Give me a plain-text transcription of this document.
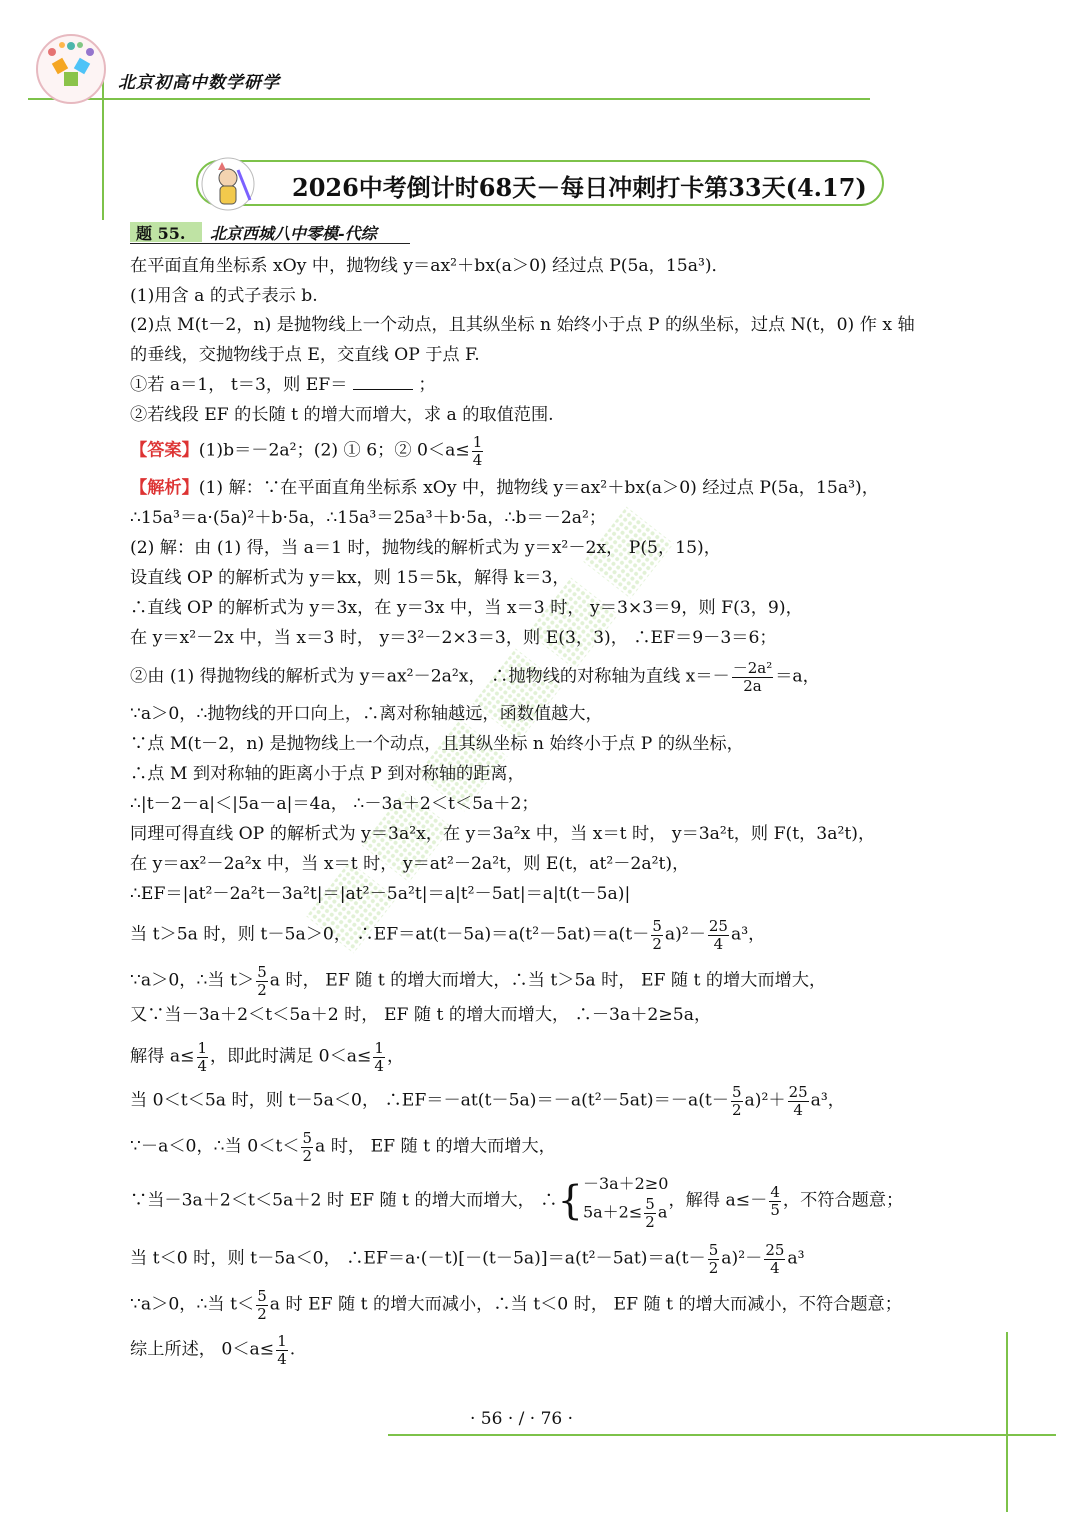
北京初高中数学研学
2026中考倒计时68天－每日冲刺打卡第33天(4.17)
题 55. 北京西城八中零模-代综
在平面直角坐标系 xOy 中，抛物线 y＝ax²＋bx(a＞0) 经过点 P(5a，15a³)．
(1)用含 a 的式子表示 b.
(2)点 M(t－2，n) 是抛物线上一个动点，且其纵坐标 n 始终小于点 P 的纵坐标，过点 N(t，0) 作 x 轴
的垂线，交抛物线于点 E，交直线 OP 于点 F.
①若 a＝1， t＝3，则 EF＝	；
②若线段 EF 的长随 t 的增大而增大，求 a 的取值范围.
【答案】(1)b＝－2a²；(2) ① 6；② $0<a\le \frac{1}{4}$
【解析】(1) 解：∵在平面直角坐标系 xOy 中，抛物线 y＝ax²＋bx(a＞0) 经过点 P(5a，15a³)，
∴15a³＝a·(5a)²＋b·5a，∴15a³＝25a³＋b·5a，∴b＝－2a²；
(2) 解：由 (1) 得，当 a＝1 时，抛物线的解析式为 y＝x²－2x， P(5，15)，
设直线 OP 的解析式为 y＝kx，则 15＝5k，解得 k＝3，
∴直线 OP 的解析式为 y＝3x，在 y＝3x 中，当 x＝3 时， y＝3×3＝9，则 F(3，9)，
在 y＝x²－2x 中，当 x＝3 时， y＝3²－2×3＝3，则 E(3，3)， ∴EF＝9－3＝6；
②由 (1) 得抛物线的解析式为 y＝ax²－2a²x， ∴抛物线的对称轴为直线 $x=- \frac{\text{－2a²}}{2a} =a$，
∵a＞0，∴抛物线的开口向上，∴离对称轴越远，函数值越大，
∵点 M(t－2，n) 是抛物线上一个动点，且其纵坐标 n 始终小于点 P 的纵坐标，
∴点 M 到对称轴的距离小于点 P 到对称轴的距离，
∴|t－2－a|＜|5a－a|＝4a， ∴－3a＋2＜t＜5a＋2；
同理可得直线 OP 的解析式为 y＝3a²x，在 y＝3a²x 中，当 x＝t 时， y＝3a²t，则 F(t，3a²t)，
在 y＝ax²－2a²x 中，当 x＝t 时， y＝at²－2a²t，则 E(t，at²－2a²t)，
∴EF＝|at²－2a²t－3a²t|＝|at²－5a²t|＝a|t²－5at|＝a|t(t－5a)|
当 t＞5a 时，则 t－5a＞0， ∴EF＝at(t－5a)＝a(t²－5at)＝a(t－ $\frac{5}{2} a)^2- \frac{25}{4} a^3$，
∵a＞0，∴当 $t> \frac{5}{2}$ a 时， EF 随 t 的增大而增大，∴当 t＞5a 时， EF 随 t 的增大而增大，
又∵当－3a＋2＜t＜5a＋2 时， EF 随 t 的增大而增大， ∴－3a＋2≥5a，
解得 $a\le \frac{1}{4}$ ，即此时满足 $0<a\le \frac{1}{4}$ ，
当 0＜t＜5a 时，则 t－5a＜0， ∴EF＝－at(t－5a)＝－a(t²－5at)＝－a(t－ $\frac{5}{2} a)^2+ \frac{25}{4} a^3$，
∵－a＜0，∴当 $0<t< \frac{5}{2}$ a 时， EF 随 t 的增大而增大，
∵当－3a＋2＜t＜5a＋2 时 EF 随 t 的增大而增大， ∴{ －3a＋2≥0
$5a+2\le \frac{5}{2}$ a
，解得 $a\le- \frac{4}{5}$ ，不符合题意；
当 t＜0 时，则 t－5a＜0， ∴EF＝a·(－t)[－(t－5a)]＝a(t²－5at)＝a(t－ $\frac{5}{2} a)^2- \frac{25}{4} a^3$
∵a＞0，∴当 $t< \frac{5}{2}$ a 时 EF 随 t 的增大而减小，∴当 t＜0 时， EF 随 t 的增大而减小，不符合题意；
综上所述， $0<a\le \frac{1}{4}$ .
· 56 · / · 76 ·
